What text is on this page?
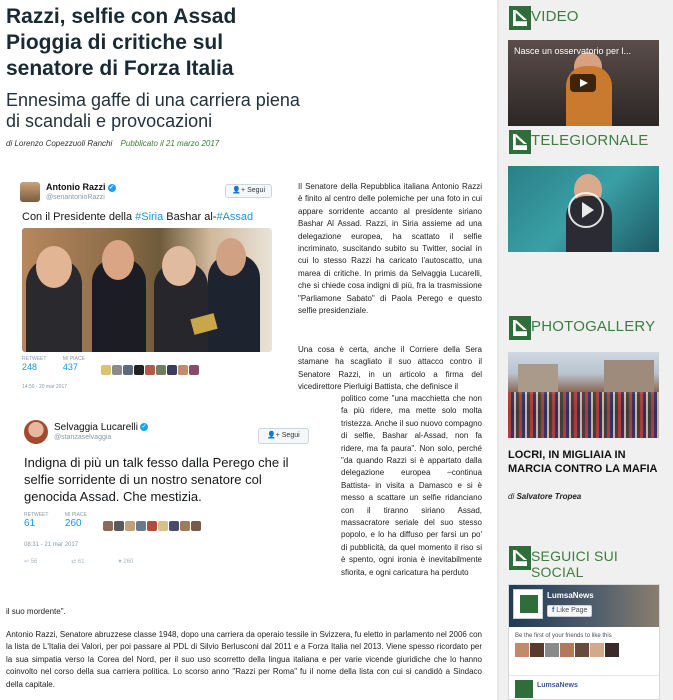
Razzi, selfie con Assad Pioggia di critiche sul senatore di Forza Italia
Ennesima gaffe di una carriera piena di scandali e provocazioni
di Lorenzo Copezzuoli Ranchi Pubblicato il 21 marzo 2017
Antonio Razzi ✓
@senantonioRazzi
👤+ Segui
Con il Presidente della #Siria Bashar al-#Assad
RETWEET
248

MI PIACE
437

14:50 - 20 mar 2017
Selvaggia Lucarelli ✓
@stanzaselvaggia	👤+ Segui
Indigna di più un talk fesso dalla Perego che il selfie sorridente di un nostro senatore col genocida Assad. Che mestizia.
RETWEET
61

MI PIACE
260

08:31 - 21 mar 2017
↩ 56	⇄ 61	♥ 260

Il Senatore della Repubblica italiana Antonio Razzi è finito al centro delle polemiche per una foto in cui appare sorridente accanto al presidente siriano Bashar Al Assad. Razzi, in Siria assieme ad una delegazione europea, ha scattato il selfie incriminato, suscitando subito su Twitter, social in cui lo stesso Razzi ha caricato l'autoscatto, una marea di critiche. In primis da Selvaggia Lucarelli, che si chiede cosa indigni di più, fra la trasmissione "Parliamone Sabato" di Paola Perego e questo selfie presidenziale.

Una cosa è certa, anche il Corriere della Sera stamane ha scagliato il suo attacco contro il Senatore Razzi, in un articolo a firma del vicedirettore Pierluigi Battista, che definisce il

politico come "una macchietta che non fa più ridere, ma mette solo molta tristezza. Anche il suo nuovo compagno di selfie, Bashar al-Assad, non fa ridere, ma fa paura". Non solo, perché "da quando Razzi si è appartato dalla delegazione europea –continua Battista- in visita a Damasco e si è messo a scattare un selfie ridanciano con il tiranno siriano Assad, massacratore seriale del suo stesso popolo, e lo ha diffuso per farsi un po' di pubblicità, da quel momento il riso si è spento, ogni ironia è inevitabilmente sfiorita, e ogni caricatura ha perduto

il suo mordente".

Antonio Razzi, Senatore abruzzese classe 1948, dopo una carriera da operaio tessile in Svizzera, fu eletto in parlamento nel 2006 con la lista de L'Italia dei Valori, per poi passare al PDL di Silvio Berlusconi dal 2011 e a Forza Italia nel 2013. Viene spesso ricordato per la sua simpatia verso la Corea del Nord, per il suo uso scorretto della lingua italiana e per varie vicende giuridiche che lo hanno coinvolto nel corso della sua carriera politica. Lo scorso anno "Razzi per Roma" fu il nome della lista con cui si candidò a Sindaco della capitale.

VIDEO
Nasce un osservatorio per l...
TELEGIORNALE
PHOTOGALLERY
LOCRI, IN MIGLIAIA IN MARCIA CONTRO LA MAFIA
di Salvatore Tropea
SEGUICI SUI SOCIAL
LumsaNews
f Like Page
Be the first of your friends to like this
LumsaNews
